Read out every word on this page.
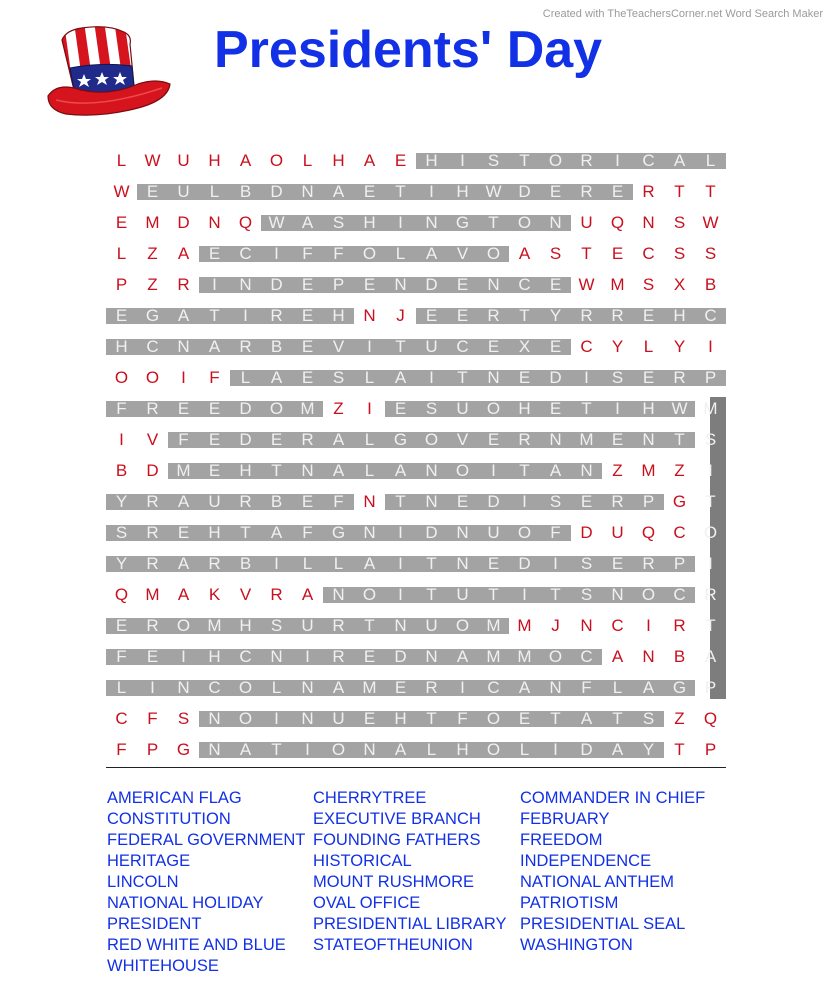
Created with TheTeachersCorner.net Word Search Maker
Presidents' Day
L	W U	H	A	O	L	H	A	E	H	I	S	T	O	R	I	C	A	L
W	E	U	L	B	D	N	A	E	T	I	H W D	E	R	E	R	T	T
E	M	D	N	Q W	A	S	H	I	N	G	T	O	N	U	Q	N	S	W
L	Z	A	E	C	I	F	F	O	L	A	V	O	A	S	T	E	C	S	S
P	Z	R	I	N	D	E	P	E	N	D	E	N	C	E	W M	S	X	B
E	G	A	T	I	R	E	H	N	J	E	E	R	T	Y	R	R	E	H	C
H	C	N	A	R	B	E	V	I	T	U	C	E	X	E	C	Y	L	Y	I
O	O	I	F	L	A	E	S	L	A	I	T	N	E	D	I	S	E	R	P
F	R	E	E	D	O	M	Z	I	E	S	U	O	H	E	T	I	H W M
I	V	F	E	D	E	R	A	L	G	O	V	E	R	N	M	E	N	T	S
B	D	M	E	H	T	N	A	L	A	N	O	I	T	A	N	Z	M	Z	I
Y	R	A	U	R	B	E	F	N	T	N	E	D	I	S	E	R	P	G	T
S	R	E	H	T	A	F	G	N	I	D	N	U	O	F	D	U	Q	C	O
Y	R	A	R	B	I	L	L	A	I	T	N	E	D	I	S	E	R	P	I
Q	M	A	K	V	R	A	N	O	I	T	U	T	I	T	S	N	O	C	R
E	R	O	M	H	S	U	R	T	N	U	O	M M	J	N	C	I	R	T
F	E	I	H	C	N	I	R	E	D	N	A	M M	O	C	A	N	B	A
L	I	N	C	O	L	N	A	M	E	R	I	C	A	N	F	L	A	G	P
C	F	S	N	O	I	N	U	E	H	T	F	O	E	T	A	T	S	Z	Q
F	P	G	N	A	T	I	O	N	A	L	H	O	L	I	D	A	Y	T	P
AMERICAN FLAG
CONSTITUTION
FEDERAL GOVERNMENT
HERITAGE
LINCOLN
NATIONAL HOLIDAY
PRESIDENT
RED WHITE AND BLUE
WHITEHOUSE
CHERRYTREE
EXECUTIVE BRANCH
FOUNDING FATHERS
HISTORICAL
MOUNT RUSHMORE
OVAL OFFICE
PRESIDENTIAL LIBRARY
STATEOFTHEUNION
COMMANDER IN CHIEF
FEBRUARY
FREEDOM
INDEPENDENCE
NATIONAL ANTHEM
PATRIOTISM
PRESIDENTIAL SEAL
WASHINGTON
